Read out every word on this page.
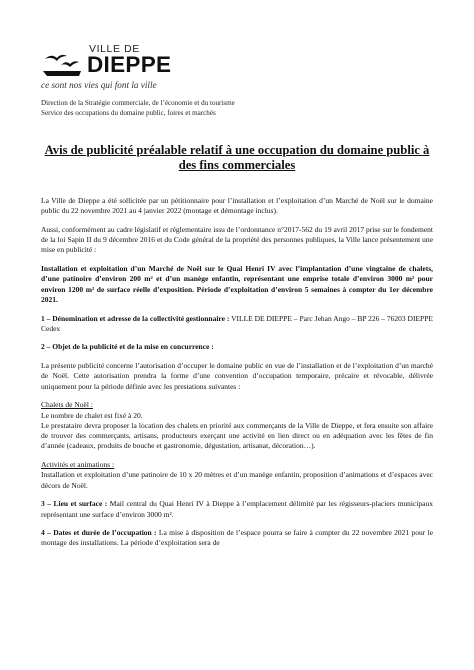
VILLE DE
DIEPPE
ce sont nos vies qui font la ville
Direction de la Stratégie commerciale, de l’économie et du tourisme
Service des occupations du domaine public, foires et marchés
Avis de publicité préalable relatif à une occupation du domaine public à des fins commerciales

La Ville de Dieppe a été sollicitée par un pétitionnaire pour l’installation et l’exploitation d’un Marché de Noël sur le domaine public du 22 novembre 2021 au 4 janvier 2022 (montage et démontage inclus).

Aussi, conformément au cadre législatif et réglementaire issu de l’ordonnance n°2017-562 du 19 avril 2017 prise sur le fondement de la loi Sapin II du 9 décembre 2016 et du Code général de la propriété des personnes publiques, la Ville lance présentement une mise en publicité :

Installation et exploitation d’un Marché de Noël sur le Quai Henri IV avec l’implantation d’une vingtaine de chalets, d’une patinoire d’environ 200 m² et d’un manège enfantin, représentant une emprise totale d’environ 3000 m² pour environ 1200 m² de surface réelle d’exposition. Période d’exploitation d’environ 5 semaines à compter du 1er décembre 2021.

1 – Dénomination et adresse de la collectivité gestionnaire : VILLE DE DIEPPE – Parc Jehan Ango – BP 226 – 76203 DIEPPE Cedex

2 – Objet de la publicité et de la mise en concurrence :

La présente publicité concerne l’autorisation d’occuper le domaine public en vue de l’installation et de l’exploitation d’un marché de Noël. Cette autorisation prendra la forme d’une convention d’occupation temporaire, précaire et révocable, délivrée uniquement pour la période définie avec les prestations suivantes :

Chalets de Noël :

Le nombre de chalet est fixé à 20.

Le prestataire devra proposer la location des chalets en priorité aux commerçants de la Ville de Dieppe, et fera ensuite son affaire de trouver des commerçants, artisans, producteurs exerçant une activité en lien direct ou en adéquation avec les fêtes de fin d’année (cadeaux, produits de bouche et gastronomie, dégustation, artisanat, décoration…).

Activités et animations :

Installation et exploitation d’une patinoire de 10 x 20 mètres et d’un manège enfantin, proposition d’animations et d’espaces avec décors de Noël.

3 – Lieu et surface : Mail central du Quai Henri IV à Dieppe à l’emplacement délimité par les régisseurs-placiers municipaux représentant une surface d’environ 3000 m².

4 – Dates et durée de l’occupation : La mise à disposition de l’espace pourra se faire à compter du 22 novembre 2021 pour le montage des installations. La période d’exploitation sera de
